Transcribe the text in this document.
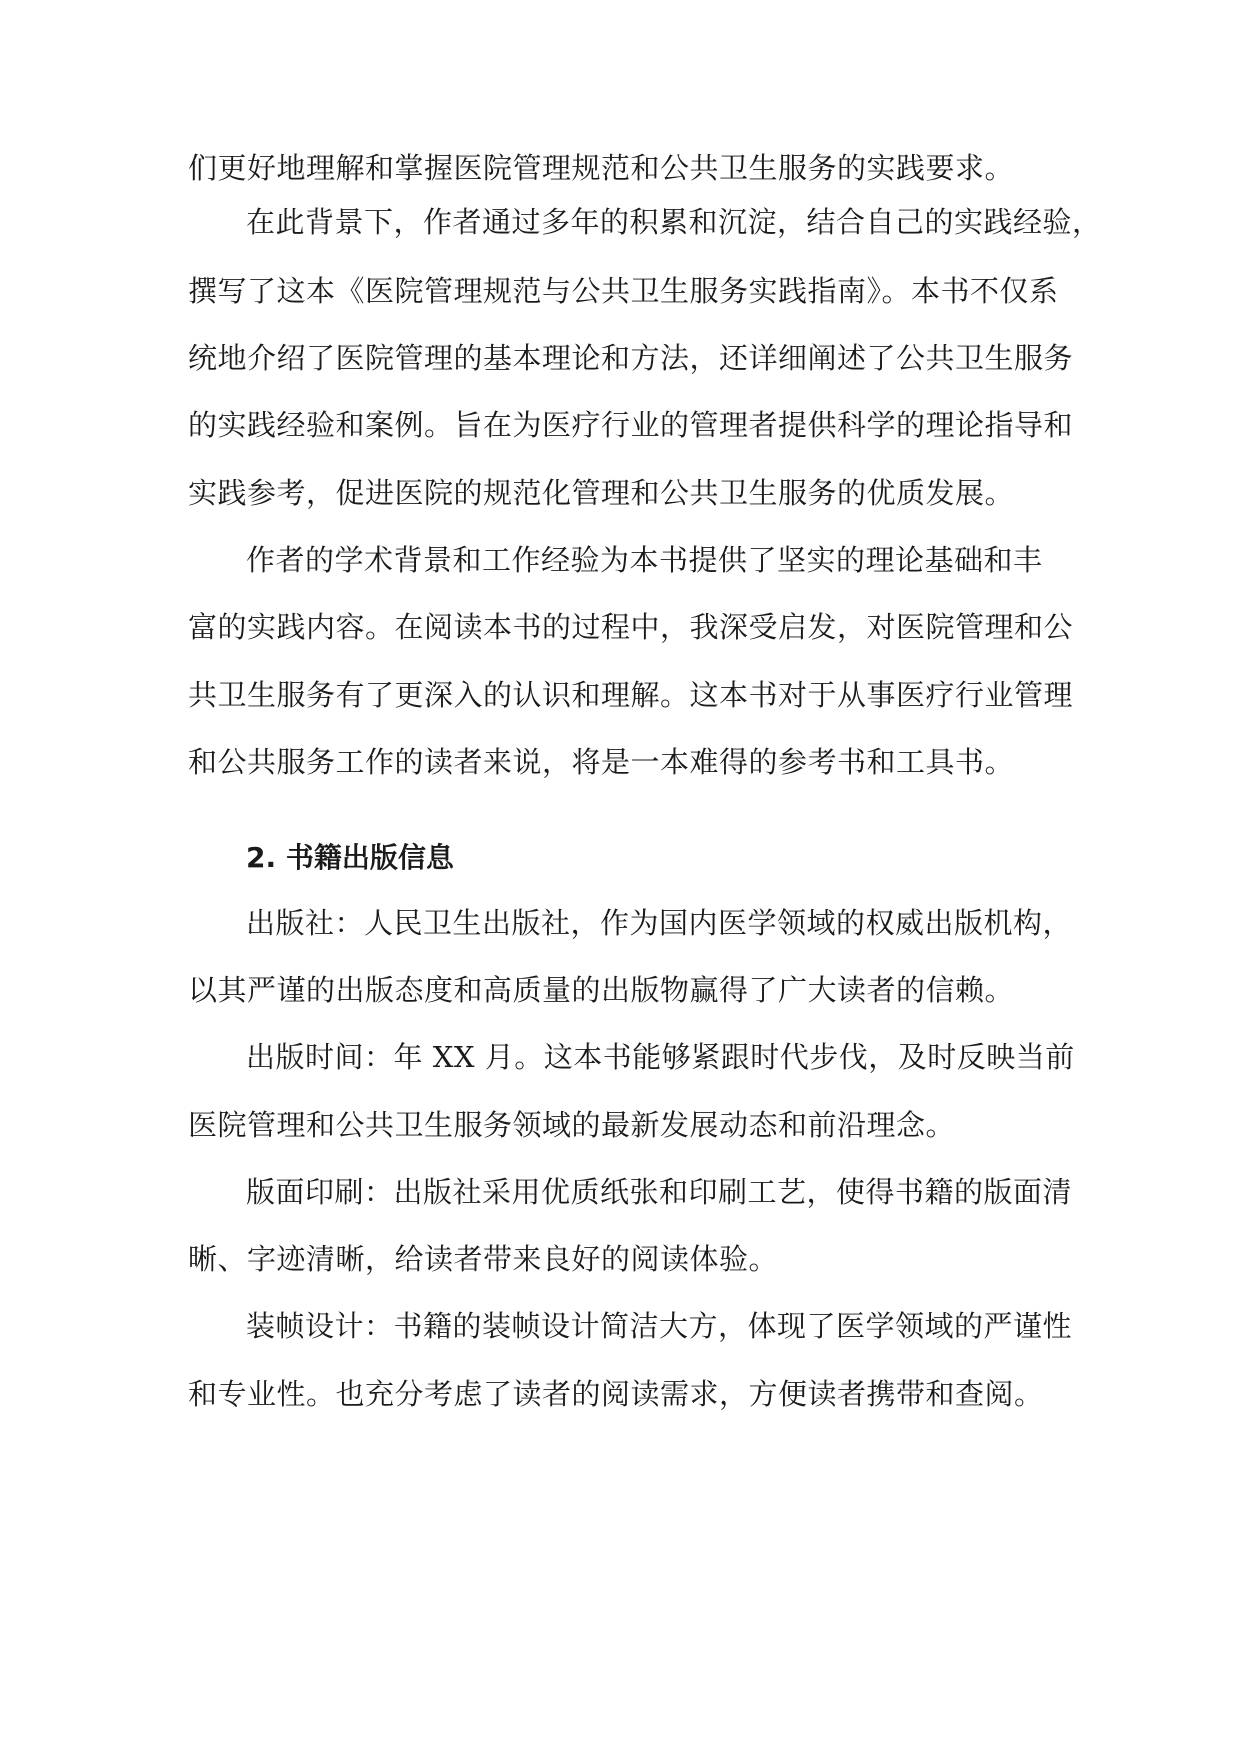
们更好地理解和掌握医院管理规范和公共卫生服务的实践要求。
在此背景下，作者通过多年的积累和沉淀，结合自己的实践经验，
撰写了这本《医院管理规范与公共卫生服务实践指南》。本书不仅系
统地介绍了医院管理的基本理论和方法，还详细阐述了公共卫生服务
的实践经验和案例。旨在为医疗行业的管理者提供科学的理论指导和
实践参考，促进医院的规范化管理和公共卫生服务的优质发展。
作者的学术背景和工作经验为本书提供了坚实的理论基础和丰
富的实践内容。在阅读本书的过程中，我深受启发，对医院管理和公
共卫生服务有了更深入的认识和理解。这本书对于从事医疗行业管理
和公共服务工作的读者来说，将是一本难得的参考书和工具书。
2. 书籍出版信息
出版社：人民卫生出版社，作为国内医学领域的权威出版机构，
以其严谨的出版态度和高质量的出版物赢得了广大读者的信赖。
出版时间：年 XX 月。这本书能够紧跟时代步伐，及时反映当前
医院管理和公共卫生服务领域的最新发展动态和前沿理念。
版面印刷：出版社采用优质纸张和印刷工艺，使得书籍的版面清
晰、字迹清晰，给读者带来良好的阅读体验。
装帧设计：书籍的装帧设计简洁大方，体现了医学领域的严谨性
和专业性。也充分考虑了读者的阅读需求，方便读者携带和查阅。
